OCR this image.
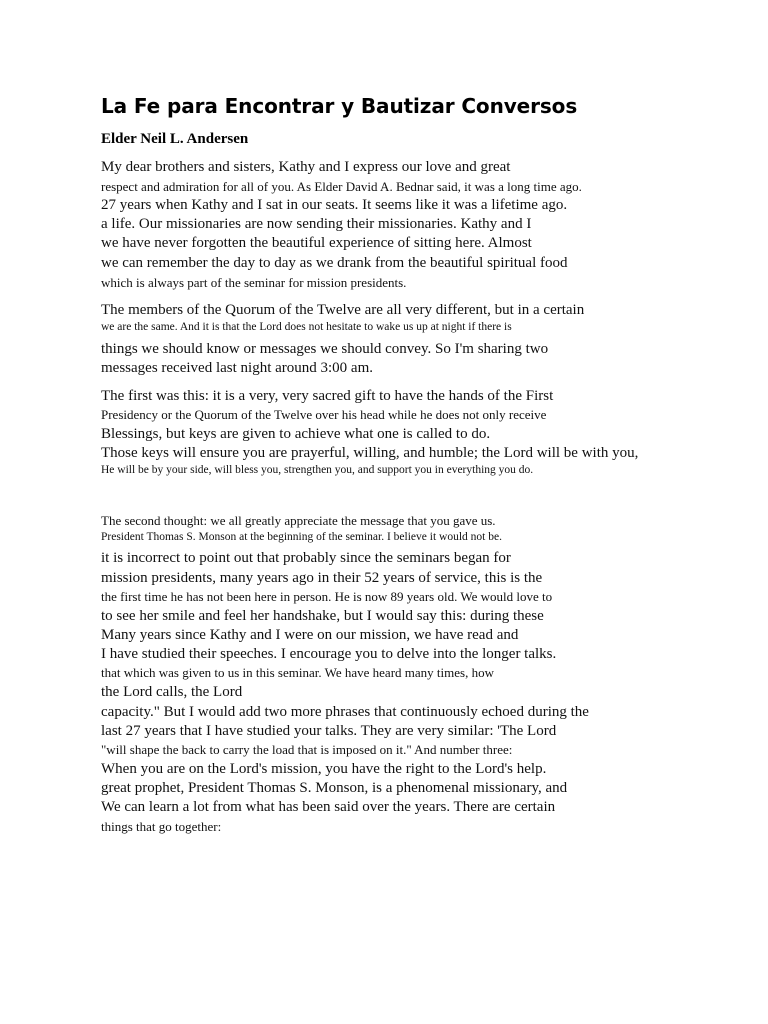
La Fe para Encontrar y Bautizar Conversos

Elder Neil L. Andersen

My dear brothers and sisters, Kathy and I express our love and great

respect and admiration for all of you. As Elder David A. Bednar said, it was a long time ago.

27 years when Kathy and I sat in our seats. It seems like it was a lifetime ago.

a life. Our missionaries are now sending their missionaries. Kathy and I

we have never forgotten the beautiful experience of sitting here. Almost

we can remember the day to day as we drank from the beautiful spiritual food

which is always part of the seminar for mission presidents.

The members of the Quorum of the Twelve are all very different, but in a certain

we are the same. And it is that the Lord does not hesitate to wake us up at night if there is

things we should know or messages we should convey. So I'm sharing two

messages received last night around 3:00 am.

The first was this: it is a very, very sacred gift to have the hands of the First

Presidency or the Quorum of the Twelve over his head while he does not only receive

Blessings, but keys are given to achieve what one is called to do.

Those keys will ensure you are prayerful, willing, and humble; the Lord will be with you,

He will be by your side, will bless you, strengthen you, and support you in everything you do.

The second thought: we all greatly appreciate the message that you gave us.

President Thomas S. Monson at the beginning of the seminar. I believe it would not be.

it is incorrect to point out that probably since the seminars began for

mission presidents, many years ago in their 52 years of service, this is the

the first time he has not been here in person. He is now 89 years old. We would love to

to see her smile and feel her handshake, but I would say this: during these

Many years since Kathy and I were on our mission, we have read and

I have studied their speeches. I encourage you to delve into the longer talks.

that which was given to us in this seminar. We have heard many times, how

the Lord calls, the Lord

capacity." But I would add two more phrases that continuously echoed during the

last 27 years that I have studied your talks. They are very similar: 'The Lord

"will shape the back to carry the load that is imposed on it." And number three:

When you are on the Lord's mission, you have the right to the Lord's help.

great prophet, President Thomas S. Monson, is a phenomenal missionary, and

We can learn a lot from what has been said over the years. There are certain

things that go together:
